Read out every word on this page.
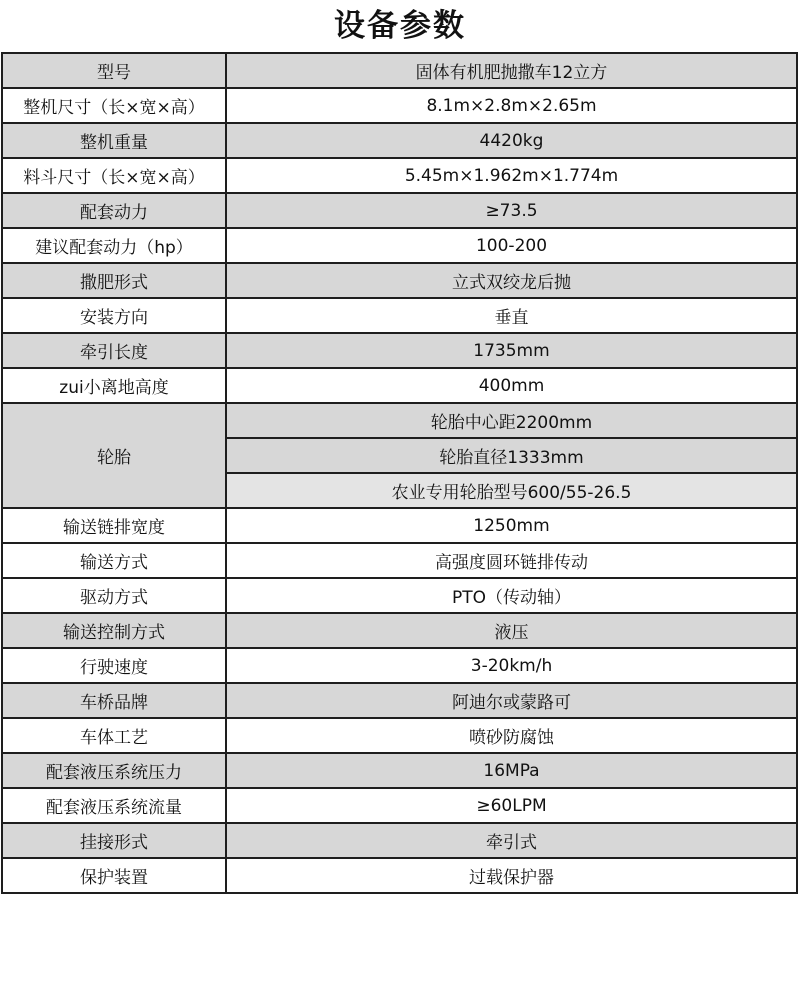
设备参数
型号	固体有机肥抛撒车12立方
整机尺寸（长×宽×高）	8.1m×2.8m×2.65m
整机重量	4420kg
料斗尺寸（长×宽×高）	5.45m×1.962m×1.774m
配套动力	≥73.5
建议配套动力（hp）	100-200
撒肥形式	立式双绞龙后抛
安装方向	垂直
牵引长度	1735mm
zui小离地高度	400mm
轮胎	轮胎中心距2200mm
	轮胎直径1333mm
	农业专用轮胎型号600/55-26.5
输送链排宽度	1250mm
输送方式	高强度圆环链排传动
驱动方式	PTO（传动轴）
输送控制方式	液压
行驶速度	3-20km/h
车桥品牌	阿迪尔或蒙路可
车体工艺	喷砂防腐蚀
配套液压系统压力	16MPa
配套液压系统流量	≥60LPM
挂接形式	牵引式
保护装置	过载保护器
